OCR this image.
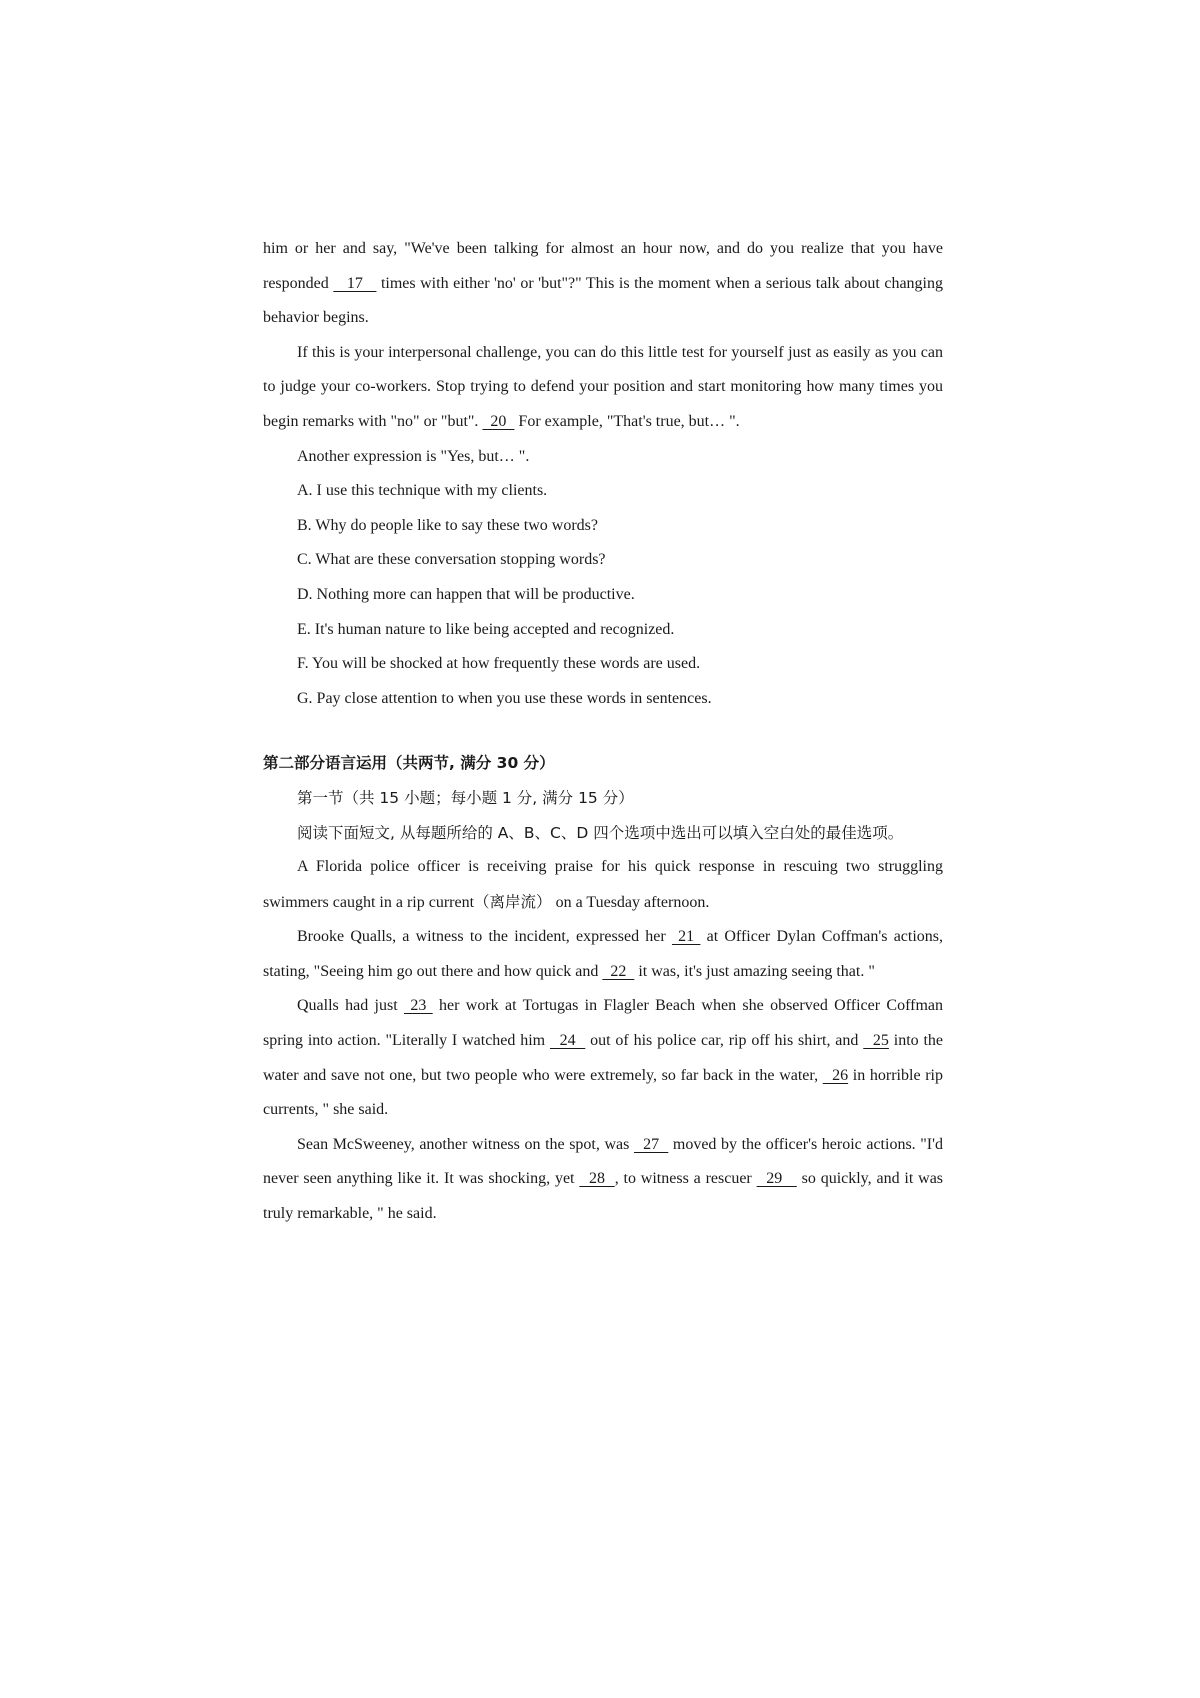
him or her and say, "We've been talking for almost an hour now, and do you realize that you have responded    17    times with either 'no' or 'but"?" This is the moment when a serious talk about changing behavior begins.

If this is your interpersonal challenge, you can do this little test for yourself just as easily as you can to judge your co-workers. Stop trying to defend your position and start monitoring how many times you begin remarks with "no" or "but".   20   For example, "That's true, but… ".

Another expression is "Yes, but… ".

A. I use this technique with my clients.

B. Why do people like to say these two words?

C. What are these conversation stopping words?

D. Nothing more can happen that will be productive.

E. It's human nature to like being accepted and recognized.

F. You will be shocked at how frequently these words are used.

G. Pay close attention to when you use these words in sentences.

第二部分语言运用（共两节, 满分 30 分）

第一节（共 15 小题；每小题 1 分, 满分 15 分）

阅读下面短文, 从每题所给的 A、B、C、D 四个选项中选出可以填入空白处的最佳选项。

A Florida police officer is receiving praise for his quick response in rescuing two struggling swimmers caught in a rip current（离岸流） on a Tuesday afternoon.

Brooke Qualls, a witness to the incident, expressed her  21  at Officer Dylan Coffman's actions, stating, "Seeing him go out there and how quick and   22   it was, it's just amazing seeing that. "

Qualls had just  23  her work at Tortugas in Flagler Beach when she observed Officer Coffman spring into action. "Literally I watched him   24   out of his police car, rip off his shirt, and   25 into the water and save not one, but two people who were extremely, so far back in the water,   26 in horrible rip currents, " she said.

Sean McSweeney, another witness on the spot, was   27   moved by the officer's heroic actions. "I'd never seen anything like it. It was shocking, yet   28  , to witness a rescuer   29    so quickly, and it was truly remarkable, " he said.
